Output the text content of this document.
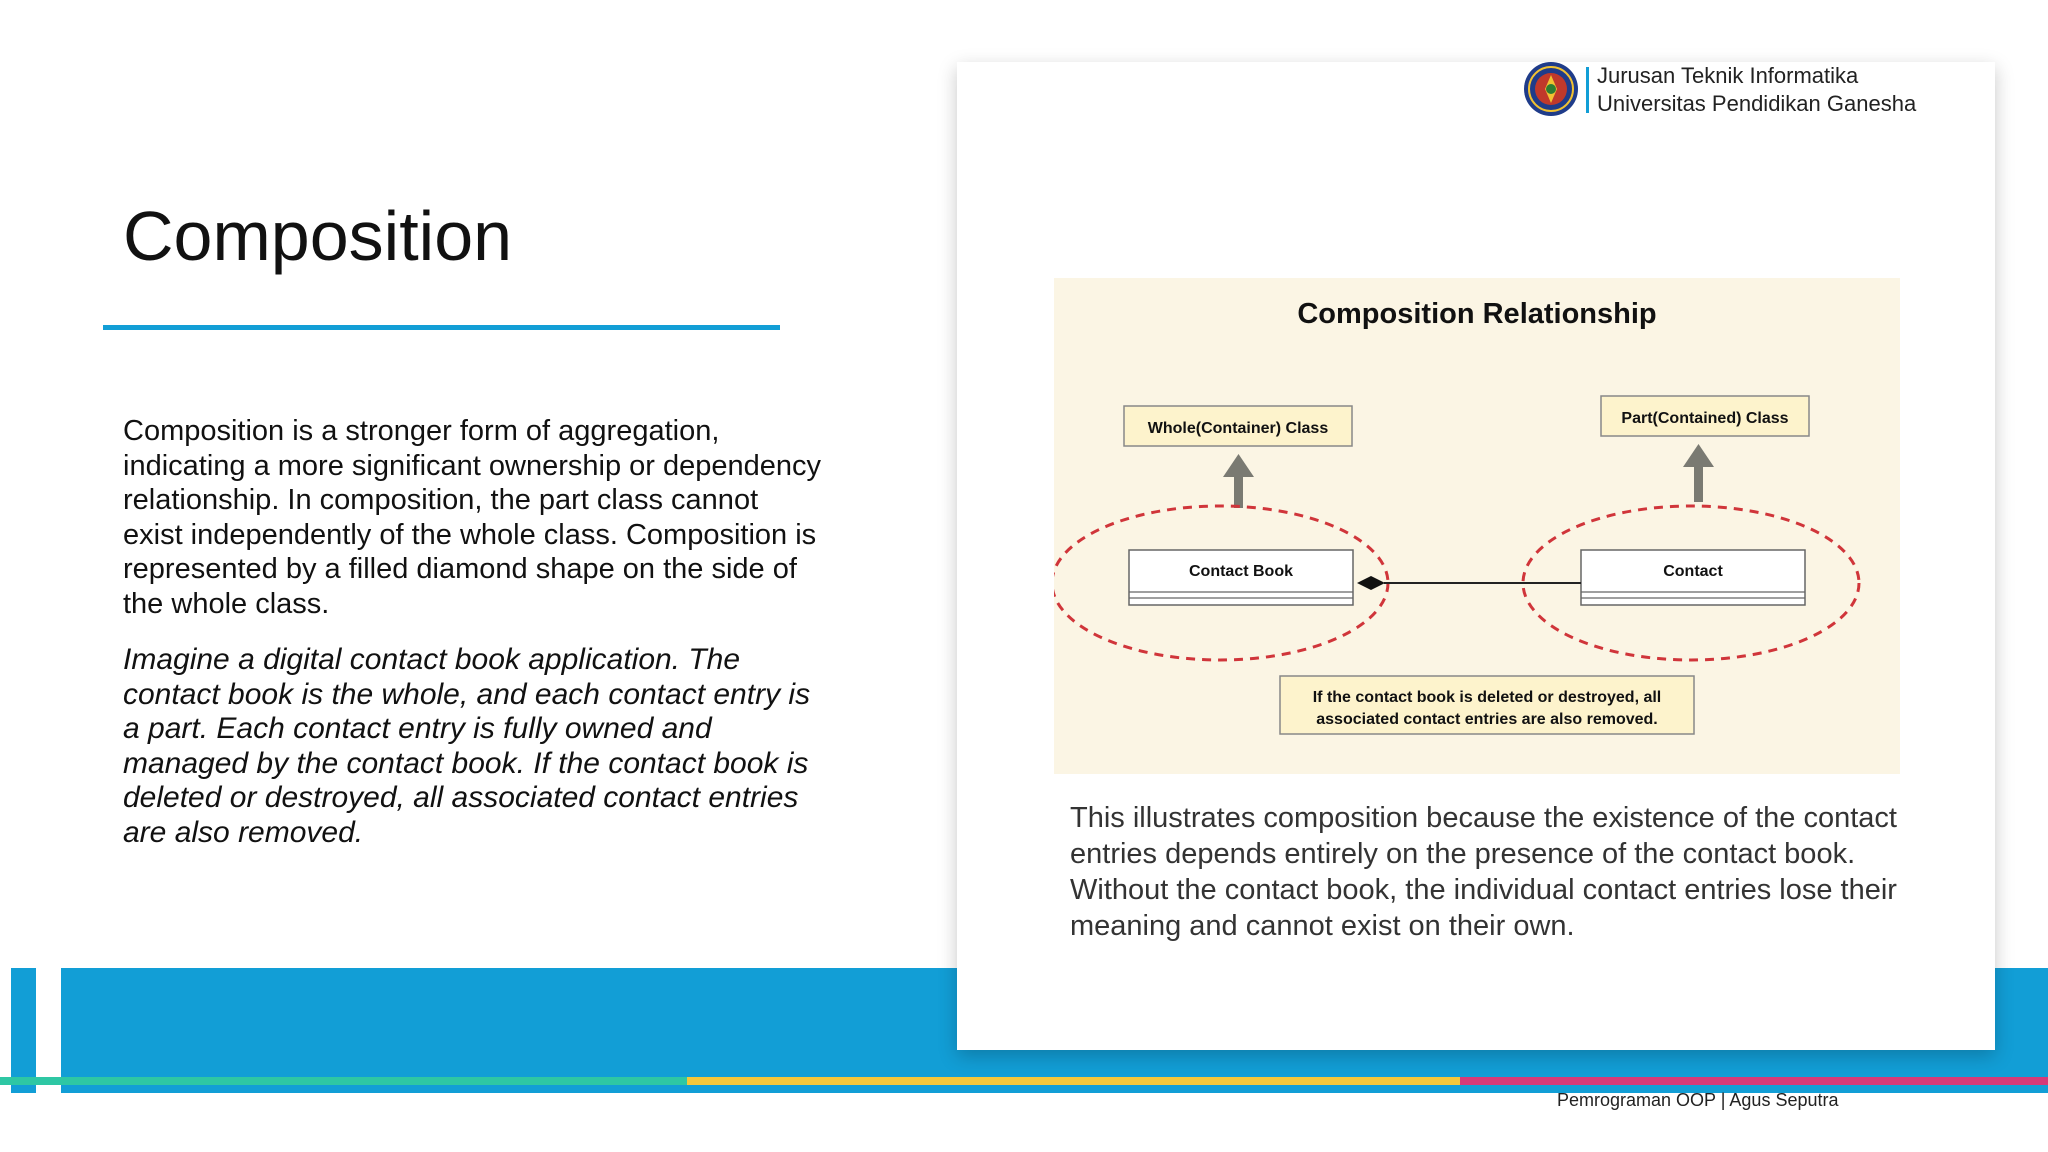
Jurusan Teknik Informatika
Universitas Pendidikan Ganesha
Composition
Composition is a stronger form of aggregation, indicating a more significant ownership or dependency relationship. In composition, the part class cannot exist independently of the whole class. Composition is represented by a filled diamond shape on the side of the whole class.
Imagine a digital contact book application. The contact book is the whole, and each contact entry is a part. Each contact entry is fully owned and managed by the contact book. If the contact book is deleted or destroyed, all associated contact entries are also removed.
Composition Relationship
Whole(Container) Class
Part(Contained) Class
Contact Book	Contact
If the contact book is deleted or destroyed, all
associated contact entries are also removed.
This illustrates composition because the existence of the contact entries depends entirely on the presence of the contact book. Without the contact book, the individual contact entries lose their meaning and cannot exist on their own.
Pemrograman OOP | Agus Seputra
